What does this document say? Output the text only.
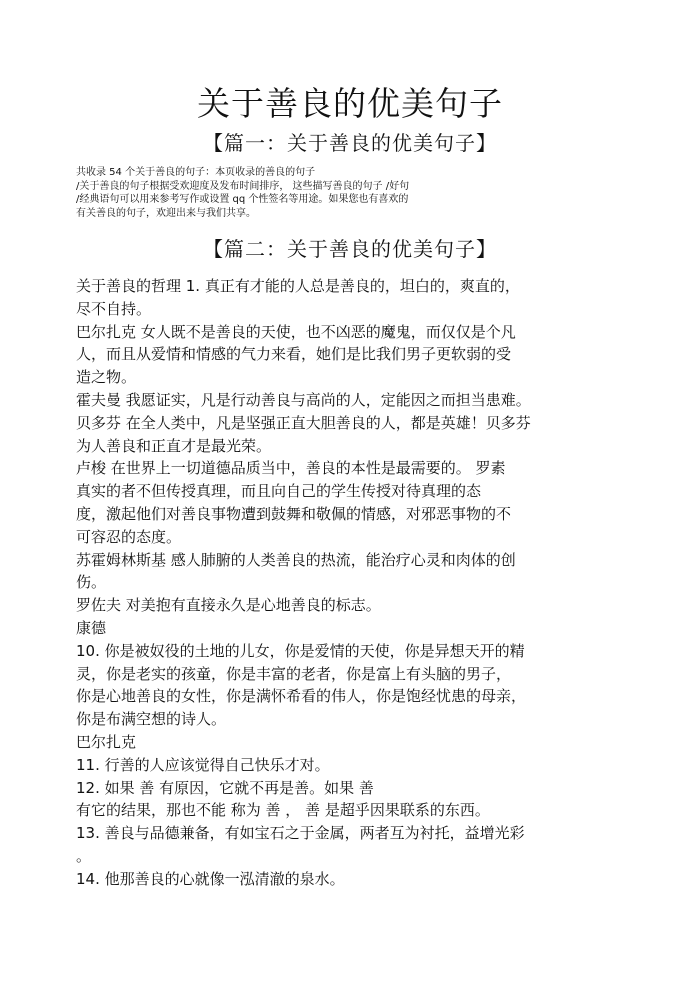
关于善良的优美句子
【篇一：关于善良的优美句子】
共收录 54 个关于善良的句子：本页收录的善良的句子
/关于善良的句子根据受欢迎度及发布时间排序， 这些描写善良的句子 /好句
/经典语句可以用来参考写作或设置 qq 个性签名等用途。如果您也有喜欢的
有关善良的句子，欢迎出来与我们共享。
【篇二：关于善良的优美句子】
关于善良的哲理 1. 真正有才能的人总是善良的，坦白的，爽直的，
尽不自持。
巴尔扎克 女人既不是善良的天使，也不凶恶的魔鬼，而仅仅是个凡
人，而且从爱情和情感的气力来看，她们是比我们男子更软弱的受
造之物。
霍夫曼 我愿证实，凡是行动善良与高尚的人，定能因之而担当患难。
贝多芬 在全人类中，凡是坚强正直大胆善良的人，都是英雄！贝多芬
为人善良和正直才是最光荣。
卢梭 在世界上一切道德品质当中，善良的本性是最需要的。 罗素
真实的者不但传授真理，而且向自己的学生传授对待真理的态
度，激起他们对善良事物遭到鼓舞和敬佩的情感，对邪恶事物的不
可容忍的态度。
苏霍姆林斯基 感人肺腑的人类善良的热流，能治疗心灵和肉体的创
伤。
罗佐夫 对美抱有直接永久是心地善良的标志。
康德
10. 你是被奴役的土地的儿女，你是爱情的天使，你是异想天开的精
灵，你是老实的孩童，你是丰富的老者，你是富上有头脑的男子，
你是心地善良的女性，你是满怀希看的伟人，你是饱经忧患的母亲，
你是布满空想的诗人。
巴尔扎克
11. 行善的人应该觉得自己快乐才对。
12. 如果 善 有原因，它就不再是善。如果 善
有它的结果，那也不能 称为 善 ， 善 是超乎因果联系的东西。
13. 善良与品德兼备，有如宝石之于金属，两者互为衬托，益增光彩
。
14. 他那善良的心就像一泓清澈的泉水。
